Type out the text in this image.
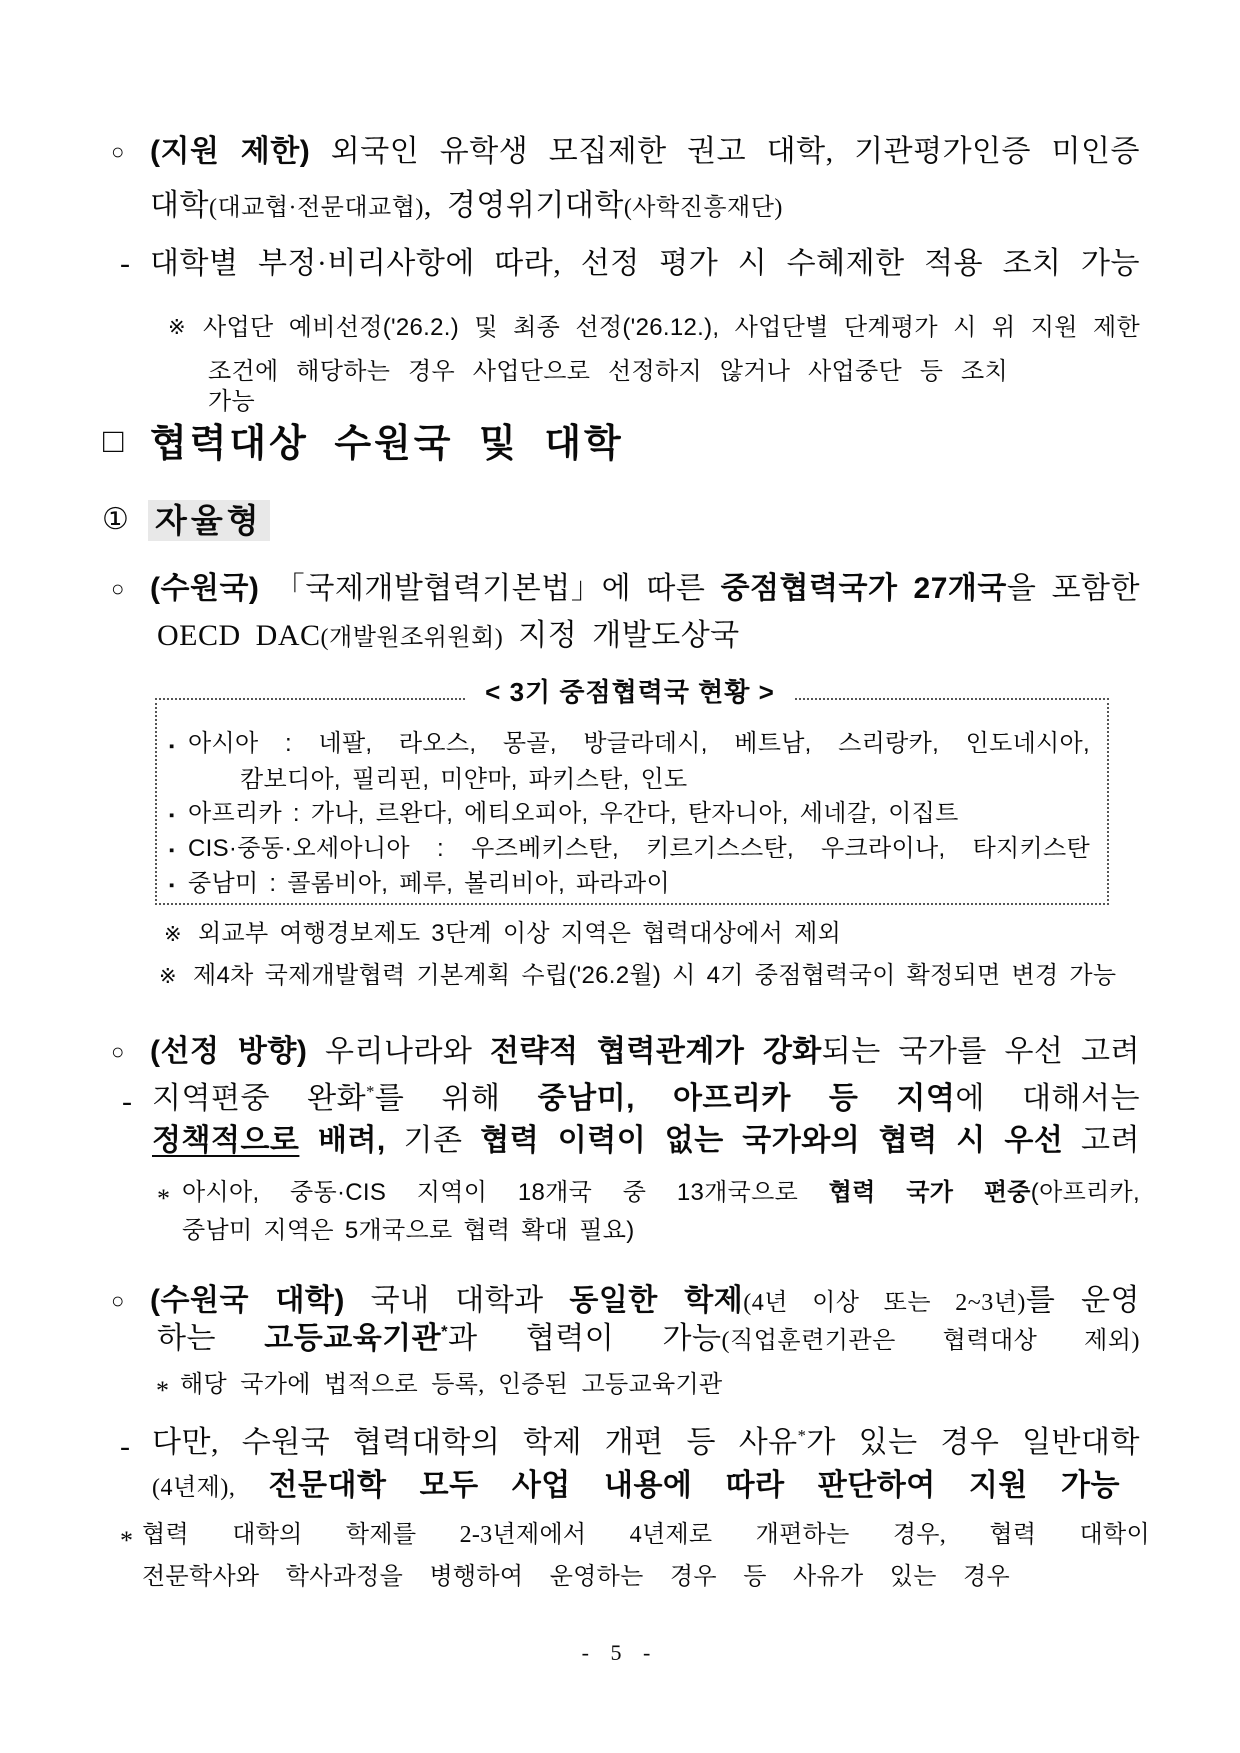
○ (지원 제한) 외국인 유학생 모집제한 권고 대학, 기관평가인증 미인증
대학(대교협·전문대교협), 경영위기대학(사학진흥재단)
- 대학별 부정·비리사항에 따라, 선정 평가 시 수혜제한 적용 조치 가능
※ 사업단 예비선정('26.2.) 및 최종 선정('26.12.), 사업단별 단계평가 시 위 지원 제한
조건에 해당하는 경우 사업단으로 선정하지 않거나 사업중단 등 조치 가능
□ 협력대상 수원국 및 대학
① 자율형
○ (수원국) 「국제개발협력기본법」에 따른 중점협력국가 27개국을 포함한
OECD DAC(개발원조위원회) 지정 개발도상국
< 3기 중점협력국 현황 >
▪ 아시아 : 네팔, 라오스, 몽골, 방글라데시, 베트남, 스리랑카, 인도네시아,
캄보디아, 필리핀, 미얀마, 파키스탄, 인도
▪ 아프리카 : 가나, 르완다, 에티오피아, 우간다, 탄자니아, 세네갈, 이집트
▪ CIS·중동·오세아니아 : 우즈베키스탄, 키르기스스탄, 우크라이나, 타지키스탄
▪ 중남미 : 콜롬비아, 페루, 볼리비아, 파라과이
※ 외교부 여행경보제도 3단계 이상 지역은 협력대상에서 제외
※ 제4차 국제개발협력 기본계획 수립('26.2월) 시 4기 중점협력국이 확정되면 변경 가능
○ (선정 방향) 우리나라와 전략적 협력관계가 강화되는 국가를 우선 고려
- 지역편중 완화*를 위해 중남미, 아프리카 등 지역에 대해서는
정책적으로 배려, 기존 협력 이력이 없는 국가와의 협력 시 우선 고려
* 아시아, 중동·CIS 지역이 18개국 중 13개국으로 협력 국가 편중(아프리카,
중남미 지역은 5개국으로 협력 확대 필요)
○ (수원국 대학) 국내 대학과 동일한 학제(4년 이상 또는 2~3년)를 운영
하는 고등교육기관*과 협력이 가능(직업훈련기관은 협력대상 제외)
* 해당 국가에 법적으로 등록, 인증된 고등교육기관
- 다만, 수원국 협력대학의 학제 개편 등 사유*가 있는 경우 일반대학
(4년제), 전문대학 모두 사업 내용에 따라 판단하여 지원 가능
* 협력 대학의 학제를 2-3년제에서 4년제로 개편하는 경우, 협력 대학이
전문학사와 학사과정을 병행하여 운영하는 경우 등 사유가 있는 경우
- 5 -
